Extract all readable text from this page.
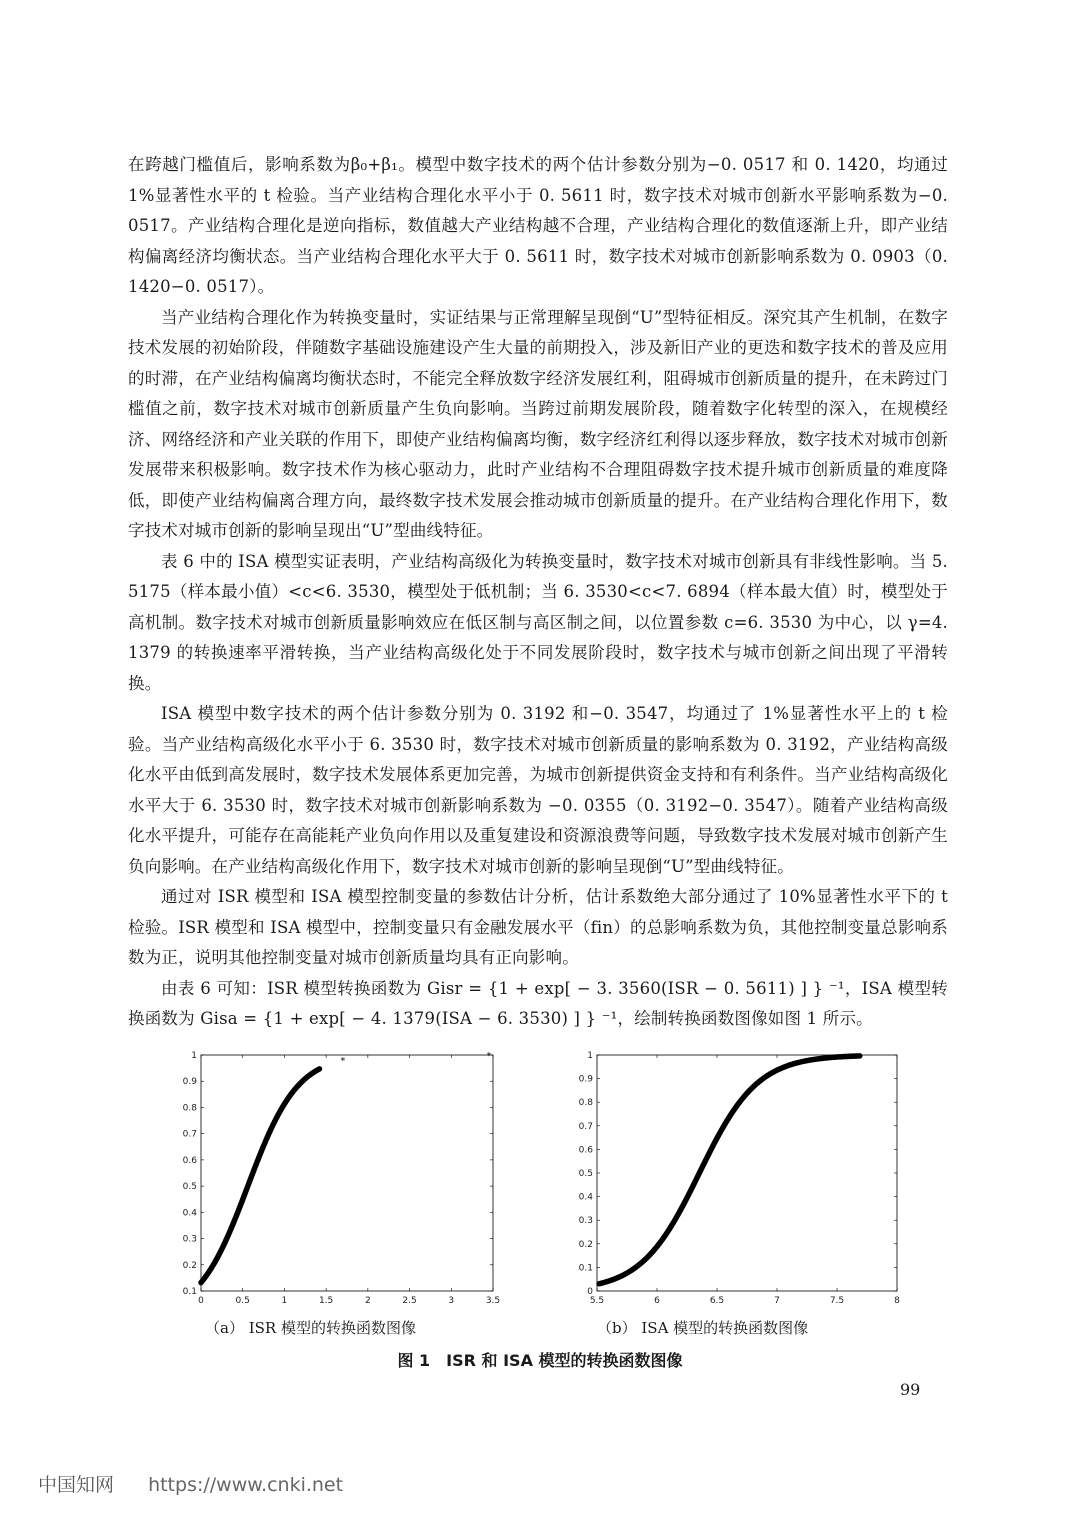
在跨越门槛值后，影响系数为β₀+β₁。模型中数字技术的两个估计参数分别为−0. 0517 和 0. 1420，均通过 1%显著性水平的 t 检验。当产业结构合理化水平小于 0. 5611 时，数字技术对城市创新水平影响系数为−0. 0517。产业结构合理化是逆向指标，数值越大产业结构越不合理，产业结构合理化的数值逐渐上升，即产业结构偏离经济均衡状态。当产业结构合理化水平大于 0. 5611 时，数字技术对城市创新影响系数为 0. 0903（0. 1420−0. 0517）。

当产业结构合理化作为转换变量时，实证结果与正常理解呈现倒“U”型特征相反。深究其产生机制，在数字技术发展的初始阶段，伴随数字基础设施建设产生大量的前期投入，涉及新旧产业的更迭和数字技术的普及应用的时滞，在产业结构偏离均衡状态时，不能完全释放数字经济发展红利，阻碍城市创新质量的提升，在未跨过门槛值之前，数字技术对城市创新质量产生负向影响。当跨过前期发展阶段，随着数字化转型的深入，在规模经济、网络经济和产业关联的作用下，即使产业结构偏离均衡，数字经济红利得以逐步释放，数字技术对城市创新发展带来积极影响。数字技术作为核心驱动力，此时产业结构不合理阻碍数字技术提升城市创新质量的难度降低，即使产业结构偏离合理方向，最终数字技术发展会推动城市创新质量的提升。在产业结构合理化作用下，数字技术对城市创新的影响呈现出“U”型曲线特征。

表 6 中的 ISA 模型实证表明，产业结构高级化为转换变量时，数字技术对城市创新具有非线性影响。当 5. 5175（样本最小值）<c<6. 3530，模型处于低机制；当 6. 3530<c<7. 6894（样本最大值）时，模型处于高机制。数字技术对城市创新质量影响效应在低区制与高区制之间，以位置参数 c=6. 3530 为中心，以 γ=4. 1379 的转换速率平滑转换，当产业结构高级化处于不同发展阶段时，数字技术与城市创新之间出现了平滑转换。

ISA 模型中数字技术的两个估计参数分别为 0. 3192 和−0. 3547，均通过了 1%显著性水平上的 t 检验。当产业结构高级化水平小于 6. 3530 时，数字技术对城市创新质量的影响系数为 0. 3192，产业结构高级化水平由低到高发展时，数字技术发展体系更加完善，为城市创新提供资金支持和有利条件。当产业结构高级化水平大于 6. 3530 时，数字技术对城市创新影响系数为 −0. 0355（0. 3192−0. 3547）。随着产业结构高级化水平提升，可能存在高能耗产业负向作用以及重复建设和资源浪费等问题，导致数字技术发展对城市创新产生负向影响。在产业结构高级化作用下，数字技术对城市创新的影响呈现倒“U”型曲线特征。

通过对 ISR 模型和 ISA 模型控制变量的参数估计分析，估计系数绝大部分通过了 10%显著性水平下的 t 检验。ISR 模型和 ISA 模型中，控制变量只有金融发展水平（fin）的总影响系数为负，其他控制变量总影响系数为正，说明其他控制变量对城市创新质量均具有正向影响。

由表 6 可知：ISR 模型转换函数为 Gisr = {1 + exp[ − 3. 3560(ISR − 0. 5611) ] } ⁻¹，ISA 模型转换函数为 Gisa = {1 + exp[ − 4. 1379(ISA − 6. 3530) ] } ⁻¹，绘制转换函数图像如图 1 所示。

0	0.5	1	1.5	2	2.5	3	3.5
0.1
0.2
0.3
0.4
0.5
0.6
0.7
0.8
0.9
1
*	*
5.5	6	6.5	7	7.5	8
0
0.1
0.2
0.3
0.4
0.5
0.6
0.7
0.8
0.9
1
（a） ISR 模型的转换函数图像	（b） ISA 模型的转换函数图像
图 1　ISR 和 ISA 模型的转换函数图像
99
中国知网 https://www.cnki.net
